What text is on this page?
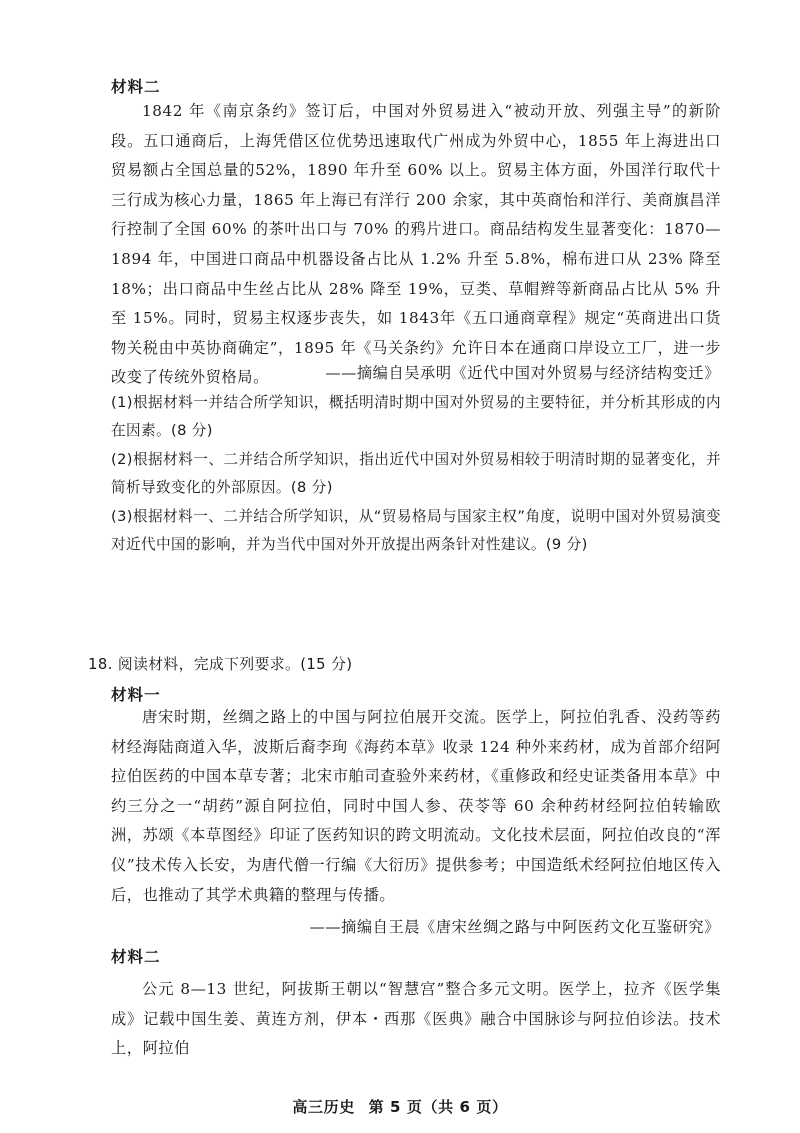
材料二

1842 年《南京条约》签订后，中国对外贸易进入“被动开放、列强主导”的新阶段。五口通商后，上海凭借区位优势迅速取代广州成为外贸中心，1855 年上海进出口贸易额占全国总量的52%，1890 年升至 60% 以上。贸易主体方面，外国洋行取代十三行成为核心力量，1865 年上海已有洋行 200 余家，其中英商怡和洋行、美商旗昌洋行控制了全国 60% 的茶叶出口与 70% 的鸦片进口。商品结构发生显著变化：1870—1894 年，中国进口商品中机器设备占比从 1.2% 升至 5.8%，棉布进口从 23% 降至 18%；出口商品中生丝占比从 28% 降至 19%，豆类、草帽辫等新商品占比从 5% 升至 15%。同时，贸易主权逐步丧失，如 1843年《五口通商章程》规定“英商进出口货物关税由中英协商确定”，1895 年《马关条约》允许日本在通商口岸设立工厂，进一步改变了传统外贸格局。	——摘编自吴承明《近代中国对外贸易与经济结构变迁》

(1)根据材料一并结合所学知识，概括明清时期中国对外贸易的主要特征，并分析其形成的内在因素。(8 分)

(2)根据材料一、二并结合所学知识，指出近代中国对外贸易相较于明清时期的显著变化，并简析导致变化的外部原因。(8 分)

(3)根据材料一、二并结合所学知识，从“贸易格局与国家主权”角度，说明中国对外贸易演变对近代中国的影响，并为当代中国对外开放提出两条针对性建议。(9 分)

18. 阅读材料，完成下列要求。(15 分)
材料一

唐宋时期，丝绸之路上的中国与阿拉伯展开交流。医学上，阿拉伯乳香、没药等药材经海陆商道入华，波斯后裔李珣《海药本草》收录 124 种外来药材，成为首部介绍阿拉伯医药的中国本草专著；北宋市舶司查验外来药材，《重修政和经史证类备用本草》中约三分之一“胡药”源自阿拉伯，同时中国人参、茯苓等 60 余种药材经阿拉伯转输欧洲，苏颂《本草图经》印证了医药知识的跨文明流动。文化技术层面，阿拉伯改良的“浑仪”技术传入长安，为唐代僧一行编《大衍历》提供参考；中国造纸术经阿拉伯地区传入后，也推动了其学术典籍的整理与传播。

——摘编自王晨《唐宋丝绸之路与中阿医药文化互鉴研究》
材料二

公元 8—13 世纪，阿拔斯王朝以“智慧宫”整合多元文明。医学上，拉齐《医学集成》记载中国生姜、黄连方剂，伊本・西那《医典》融合中国脉诊与阿拉伯诊法。技术上，阿拉伯

高三历史 第 5 页（共 6 页）
